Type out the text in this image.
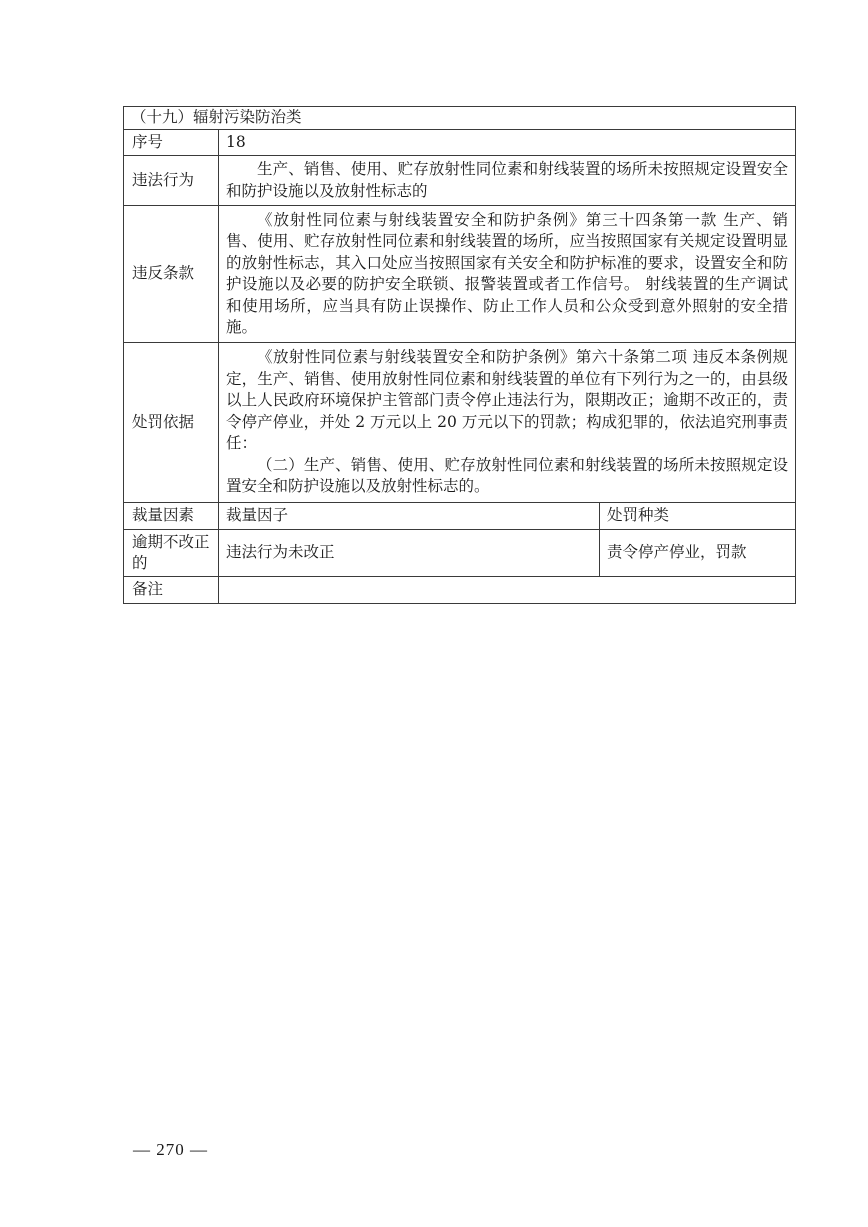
（十九）辐射污染防治类		
序号	18	
违法行为	生产、销售、使用、贮存放射性同位素和射线装置的场所未按照规定设置安全和防护设施以及放射性标志的	

违反条款	《放射性同位素与射线装置安全和防护条例》第三十四条第一款 生产、销售、使用、贮存放射性同位素和射线装置的场所，应当按照国家有关规定设置明显的放射性标志，其入口处应当按照国家有关安全和防护标准的要求，设置安全和防护设施以及必要的防护安全联锁、报警装置或者工作信号。 射线装置的生产调试和使用场所，应当具有防止误操作、防止工作人员和公众受到意外照射的安全措施。	

处罚依据	《放射性同位素与射线装置安全和防护条例》第六十条第二项 违反本条例规定，生产、销售、使用放射性同位素和射线装置的单位有下列行为之一的，由县级以上人民政府环境保护主管部门责令停止违法行为，限期改正；逾期不改正的，责令停产停业，并处 2 万元以上 20 万元以下的罚款；构成犯罪的，依法追究刑事责任：
（二）生产、销售、使用、贮存放射性同位素和射线装置的场所未按照规定设置安全和防护设施以及放射性标志的。	

裁量因素	裁量因子	处罚种类
逾期不改正的	违法行为未改正	责令停产停业，罚款
备注		
— 270 —
